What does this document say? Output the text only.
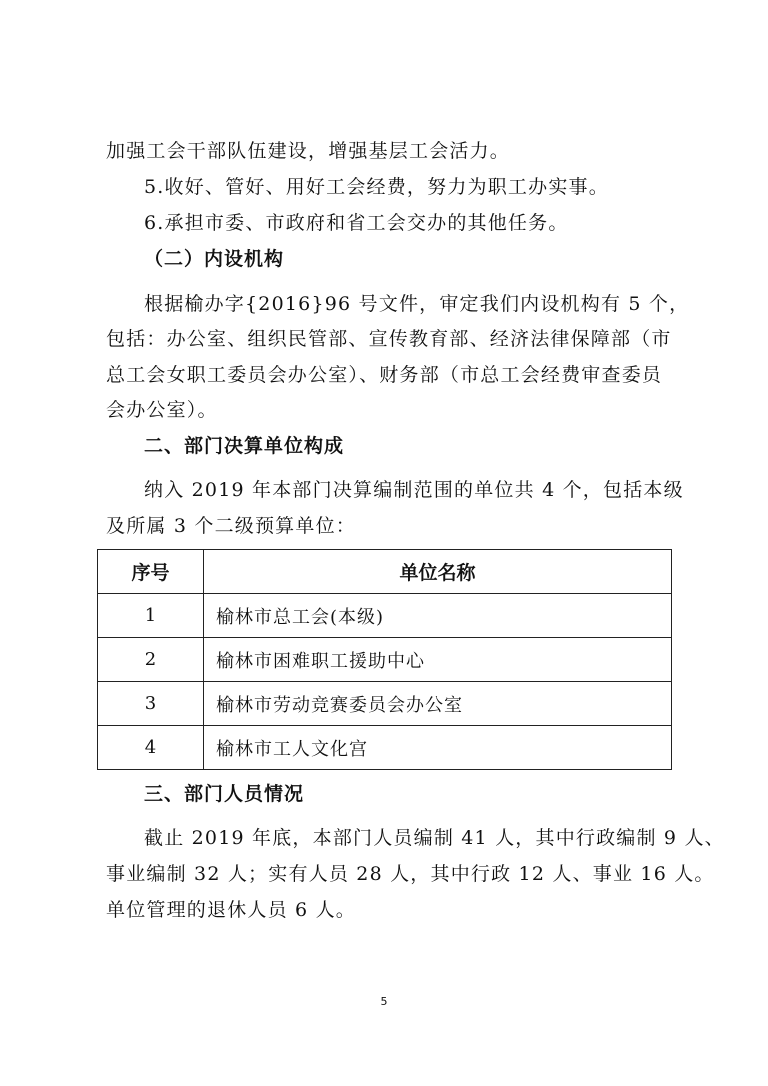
加强工会干部队伍建设，增强基层工会活力。
5.收好、管好、用好工会经费，努力为职工办实事。
6.承担市委、市政府和省工会交办的其他任务。
（二）内设机构
根据榆办字{2016}96 号文件，审定我们内设机构有 5 个，
包括：办公室、组织民管部、宣传教育部、经济法律保障部（市
总工会女职工委员会办公室）、财务部（市总工会经费审查委员
会办公室）。
二、部门决算单位构成
纳入 2019 年本部门决算编制范围的单位共 4 个，包括本级
及所属 3 个二级预算单位：
序号	单位名称
1	榆林市总工会(本级)
2	榆林市困难职工援助中心
3	榆林市劳动竞赛委员会办公室
4	榆林市工人文化宫
三、部门人员情况
截止 2019 年底，本部门人员编制 41 人，其中行政编制 9 人、
事业编制 32 人；实有人员 28 人，其中行政 12 人、事业 16 人。
单位管理的退休人员 6 人。
5
